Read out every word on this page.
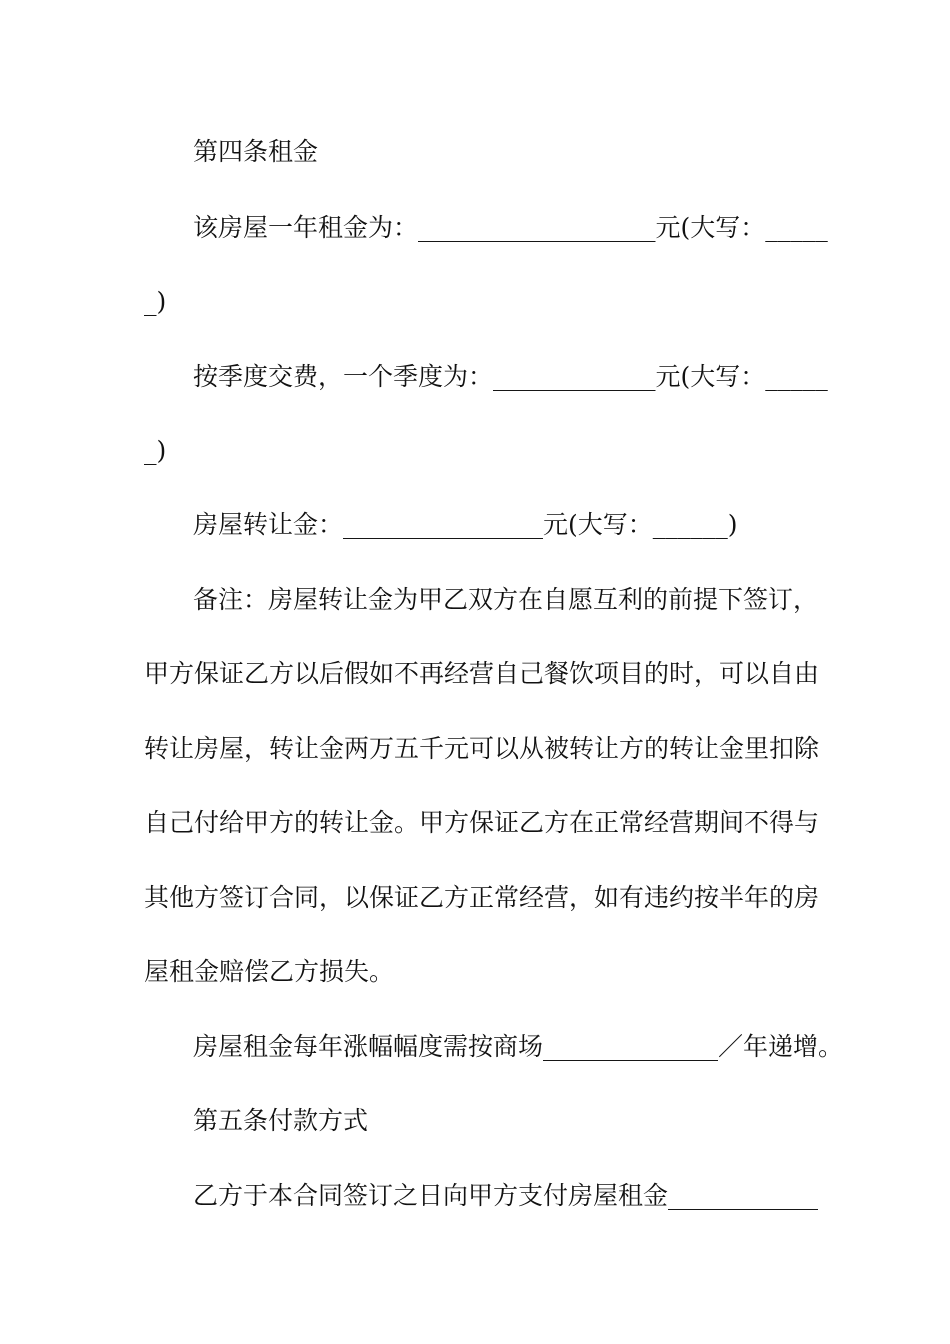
第四条租金
该房屋一年租金为：___________________元(大写：_____
_)
按季度交费，一个季度为：_____________元(大写：_____
_)
房屋转让金：________________元(大写：______)
备注：房屋转让金为甲乙双方在自愿互利的前提下签订，
甲方保证乙方以后假如不再经营自己餐饮项目的时，可以自由
转让房屋，转让金两万五千元可以从被转让方的转让金里扣除
自己付给甲方的转让金。甲方保证乙方在正常经营期间不得与
其他方签订合同，以保证乙方正常经营，如有违约按半年的房
屋租金赔偿乙方损失。
房屋租金每年涨幅幅度需按商场______________／年递增。
第五条付款方式
乙方于本合同签订之日向甲方支付房屋租金____________
